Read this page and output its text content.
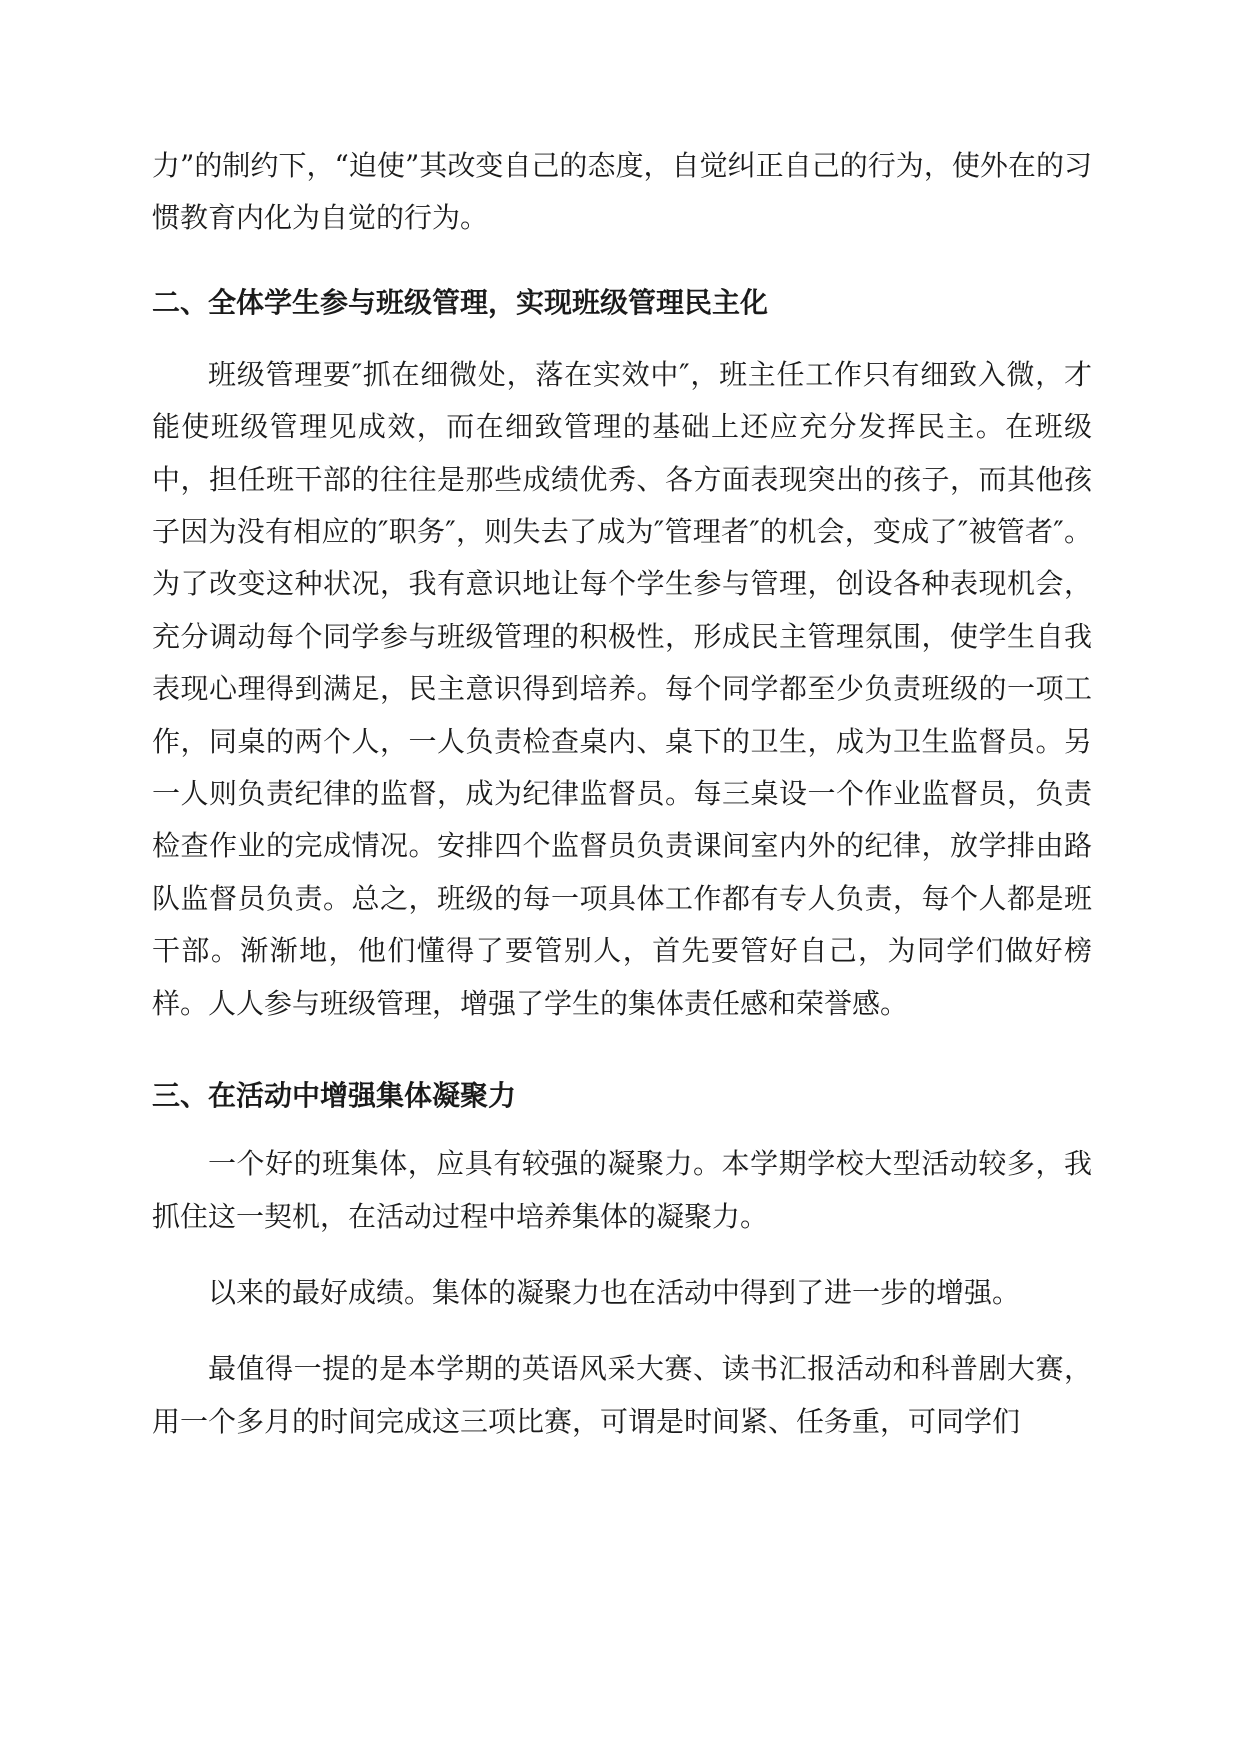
力”的制约下，“迫使”其改变自己的态度，自觉纠正自己的行为，使外在的习惯教育内化为自觉的行为。

二、全体学生参与班级管理，实现班级管理民主化

班级管理要″抓在细微处，落在实效中″，班主任工作只有细致入微，才能使班级管理见成效，而在细致管理的基础上还应充分发挥民主。在班级中，担任班干部的往往是那些成绩优秀、各方面表现突出的孩子，而其他孩子因为没有相应的″职务″，则失去了成为″管理者″的机会，变成了″被管者″。为了改变这种状况，我有意识地让每个学生参与管理，创设各种表现机会，充分调动每个同学参与班级管理的积极性，形成民主管理氛围，使学生自我表现心理得到满足，民主意识得到培养。每个同学都至少负责班级的一项工作，同桌的两个人，一人负责检查桌内、桌下的卫生，成为卫生监督员。另一人则负责纪律的监督，成为纪律监督员。每三桌设一个作业监督员，负责检查作业的完成情况。安排四个监督员负责课间室内外的纪律，放学排由路队监督员负责。总之，班级的每一项具体工作都有专人负责，每个人都是班干部。渐渐地，他们懂得了要管别人，首先要管好自己，为同学们做好榜样。人人参与班级管理，增强了学生的集体责任感和荣誉感。

三、在活动中增强集体凝聚力

一个好的班集体，应具有较强的凝聚力。本学期学校大型活动较多，我抓住这一契机，在活动过程中培养集体的凝聚力。

以来的最好成绩。集体的凝聚力也在活动中得到了进一步的增强。

最值得一提的是本学期的英语风采大赛、读书汇报活动和科普剧大赛，用一个多月的时间完成这三项比赛，可谓是时间紧、任务重，可同学们
